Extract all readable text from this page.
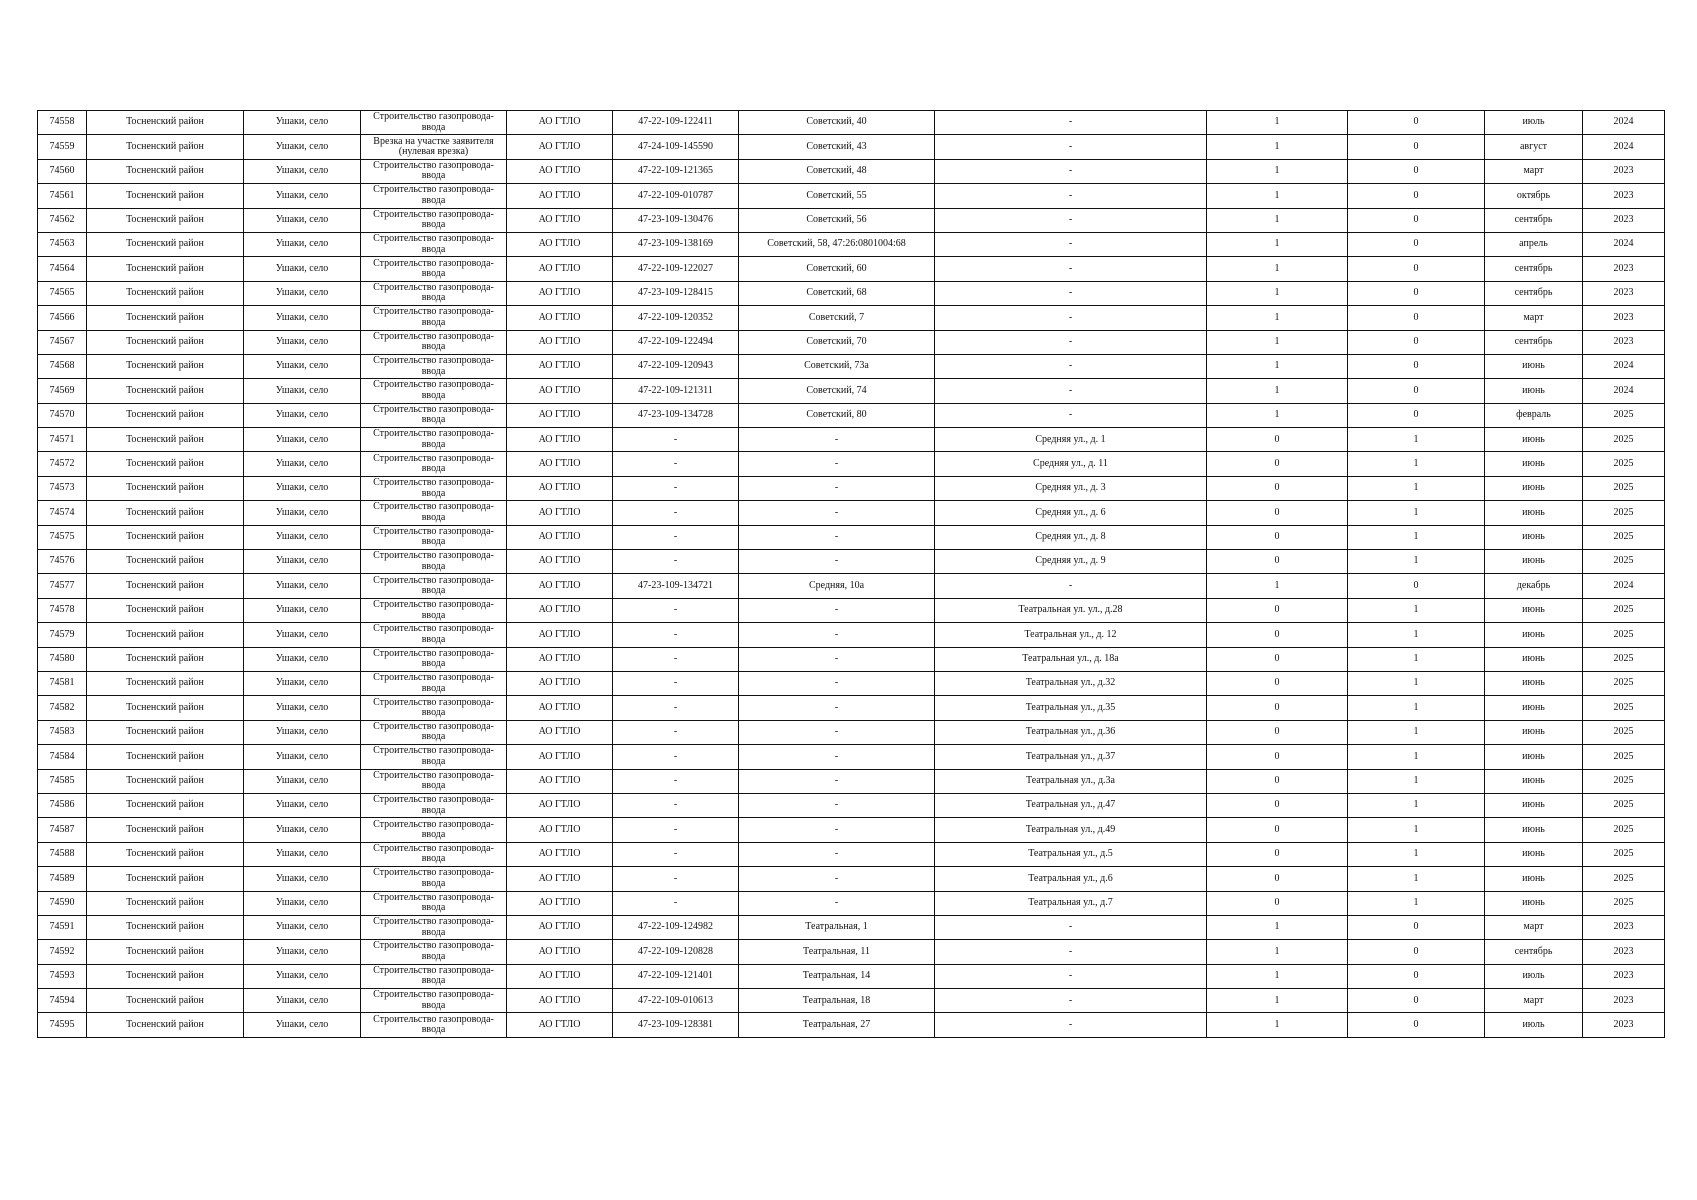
74558	Тосненский район	Ушаки, село	Строительство газопровода-ввода	АО ГТЛО	47-22-109-122411	Советский, 40	-	1	0	июль	2024
74559	Тосненский район	Ушаки, село	Врезка на участке заявителя (нулевая врезка)	АО ГТЛО	47-24-109-145590	Советский, 43	-	1	0	август	2024
74560	Тосненский район	Ушаки, село	Строительство газопровода-ввода	АО ГТЛО	47-22-109-121365	Советский, 48	-	1	0	март	2023
74561	Тосненский район	Ушаки, село	Строительство газопровода-ввода	АО ГТЛО	47-22-109-010787	Советский, 55	-	1	0	октябрь	2023
74562	Тосненский район	Ушаки, село	Строительство газопровода-ввода	АО ГТЛО	47-23-109-130476	Советский, 56	-	1	0	сентябрь	2023
74563	Тосненский район	Ушаки, село	Строительство газопровода-ввода	АО ГТЛО	47-23-109-138169	Советский, 58, 47:26:0801004:68	-	1	0	апрель	2024
74564	Тосненский район	Ушаки, село	Строительство газопровода-ввода	АО ГТЛО	47-22-109-122027	Советский, 60	-	1	0	сентябрь	2023
74565	Тосненский район	Ушаки, село	Строительство газопровода-ввода	АО ГТЛО	47-23-109-128415	Советский, 68	-	1	0	сентябрь	2023
74566	Тосненский район	Ушаки, село	Строительство газопровода-ввода	АО ГТЛО	47-22-109-120352	Советский, 7	-	1	0	март	2023
74567	Тосненский район	Ушаки, село	Строительство газопровода-ввода	АО ГТЛО	47-22-109-122494	Советский, 70	-	1	0	сентябрь	2023
74568	Тосненский район	Ушаки, село	Строительство газопровода-ввода	АО ГТЛО	47-22-109-120943	Советский, 73а	-	1	0	июнь	2024
74569	Тосненский район	Ушаки, село	Строительство газопровода-ввода	АО ГТЛО	47-22-109-121311	Советский, 74	-	1	0	июнь	2024
74570	Тосненский район	Ушаки, село	Строительство газопровода-ввода	АО ГТЛО	47-23-109-134728	Советский, 80	-	1	0	февраль	2025
74571	Тосненский район	Ушаки, село	Строительство газопровода-ввода	АО ГТЛО	-	-	Средняя ул., д. 1	0	1	июнь	2025
74572	Тосненский район	Ушаки, село	Строительство газопровода-ввода	АО ГТЛО	-	-	Средняя ул., д. 11	0	1	июнь	2025
74573	Тосненский район	Ушаки, село	Строительство газопровода-ввода	АО ГТЛО	-	-	Средняя ул., д. 3	0	1	июнь	2025
74574	Тосненский район	Ушаки, село	Строительство газопровода-ввода	АО ГТЛО	-	-	Средняя ул., д. 6	0	1	июнь	2025
74575	Тосненский район	Ушаки, село	Строительство газопровода-ввода	АО ГТЛО	-	-	Средняя ул., д. 8	0	1	июнь	2025
74576	Тосненский район	Ушаки, село	Строительство газопровода-ввода	АО ГТЛО	-	-	Средняя ул., д. 9	0	1	июнь	2025
74577	Тосненский район	Ушаки, село	Строительство газопровода-ввода	АО ГТЛО	47-23-109-134721	Средняя, 10а	-	1	0	декабрь	2024
74578	Тосненский район	Ушаки, село	Строительство газопровода-ввода	АО ГТЛО	-	-	Театральная ул. ул., д.28	0	1	июнь	2025
74579	Тосненский район	Ушаки, село	Строительство газопровода-ввода	АО ГТЛО	-	-	Театральная ул., д. 12	0	1	июнь	2025
74580	Тосненский район	Ушаки, село	Строительство газопровода-ввода	АО ГТЛО	-	-	Театральная ул., д. 18а	0	1	июнь	2025
74581	Тосненский район	Ушаки, село	Строительство газопровода-ввода	АО ГТЛО	-	-	Театральная ул., д.32	0	1	июнь	2025
74582	Тосненский район	Ушаки, село	Строительство газопровода-ввода	АО ГТЛО	-	-	Театральная ул., д.35	0	1	июнь	2025
74583	Тосненский район	Ушаки, село	Строительство газопровода-ввода	АО ГТЛО	-	-	Театральная ул., д.36	0	1	июнь	2025
74584	Тосненский район	Ушаки, село	Строительство газопровода-ввода	АО ГТЛО	-	-	Театральная ул., д.37	0	1	июнь	2025
74585	Тосненский район	Ушаки, село	Строительство газопровода-ввода	АО ГТЛО	-	-	Театральная ул., д.3а	0	1	июнь	2025
74586	Тосненский район	Ушаки, село	Строительство газопровода-ввода	АО ГТЛО	-	-	Театральная ул., д.47	0	1	июнь	2025
74587	Тосненский район	Ушаки, село	Строительство газопровода-ввода	АО ГТЛО	-	-	Театральная ул., д.49	0	1	июнь	2025
74588	Тосненский район	Ушаки, село	Строительство газопровода-ввода	АО ГТЛО	-	-	Театральная ул., д.5	0	1	июнь	2025
74589	Тосненский район	Ушаки, село	Строительство газопровода-ввода	АО ГТЛО	-	-	Театральная ул., д.6	0	1	июнь	2025
74590	Тосненский район	Ушаки, село	Строительство газопровода-ввода	АО ГТЛО	-	-	Театральная ул., д.7	0	1	июнь	2025
74591	Тосненский район	Ушаки, село	Строительство газопровода-ввода	АО ГТЛО	47-22-109-124982	Театральная, 1	-	1	0	март	2023
74592	Тосненский район	Ушаки, село	Строительство газопровода-ввода	АО ГТЛО	47-22-109-120828	Театральная, 11	-	1	0	сентябрь	2023
74593	Тосненский район	Ушаки, село	Строительство газопровода-ввода	АО ГТЛО	47-22-109-121401	Театральная, 14	-	1	0	июль	2023
74594	Тосненский район	Ушаки, село	Строительство газопровода-ввода	АО ГТЛО	47-22-109-010613	Театральная, 18	-	1	0	март	2023
74595	Тосненский район	Ушаки, село	Строительство газопровода-ввода	АО ГТЛО	47-23-109-128381	Театральная, 27	-	1	0	июль	2023
